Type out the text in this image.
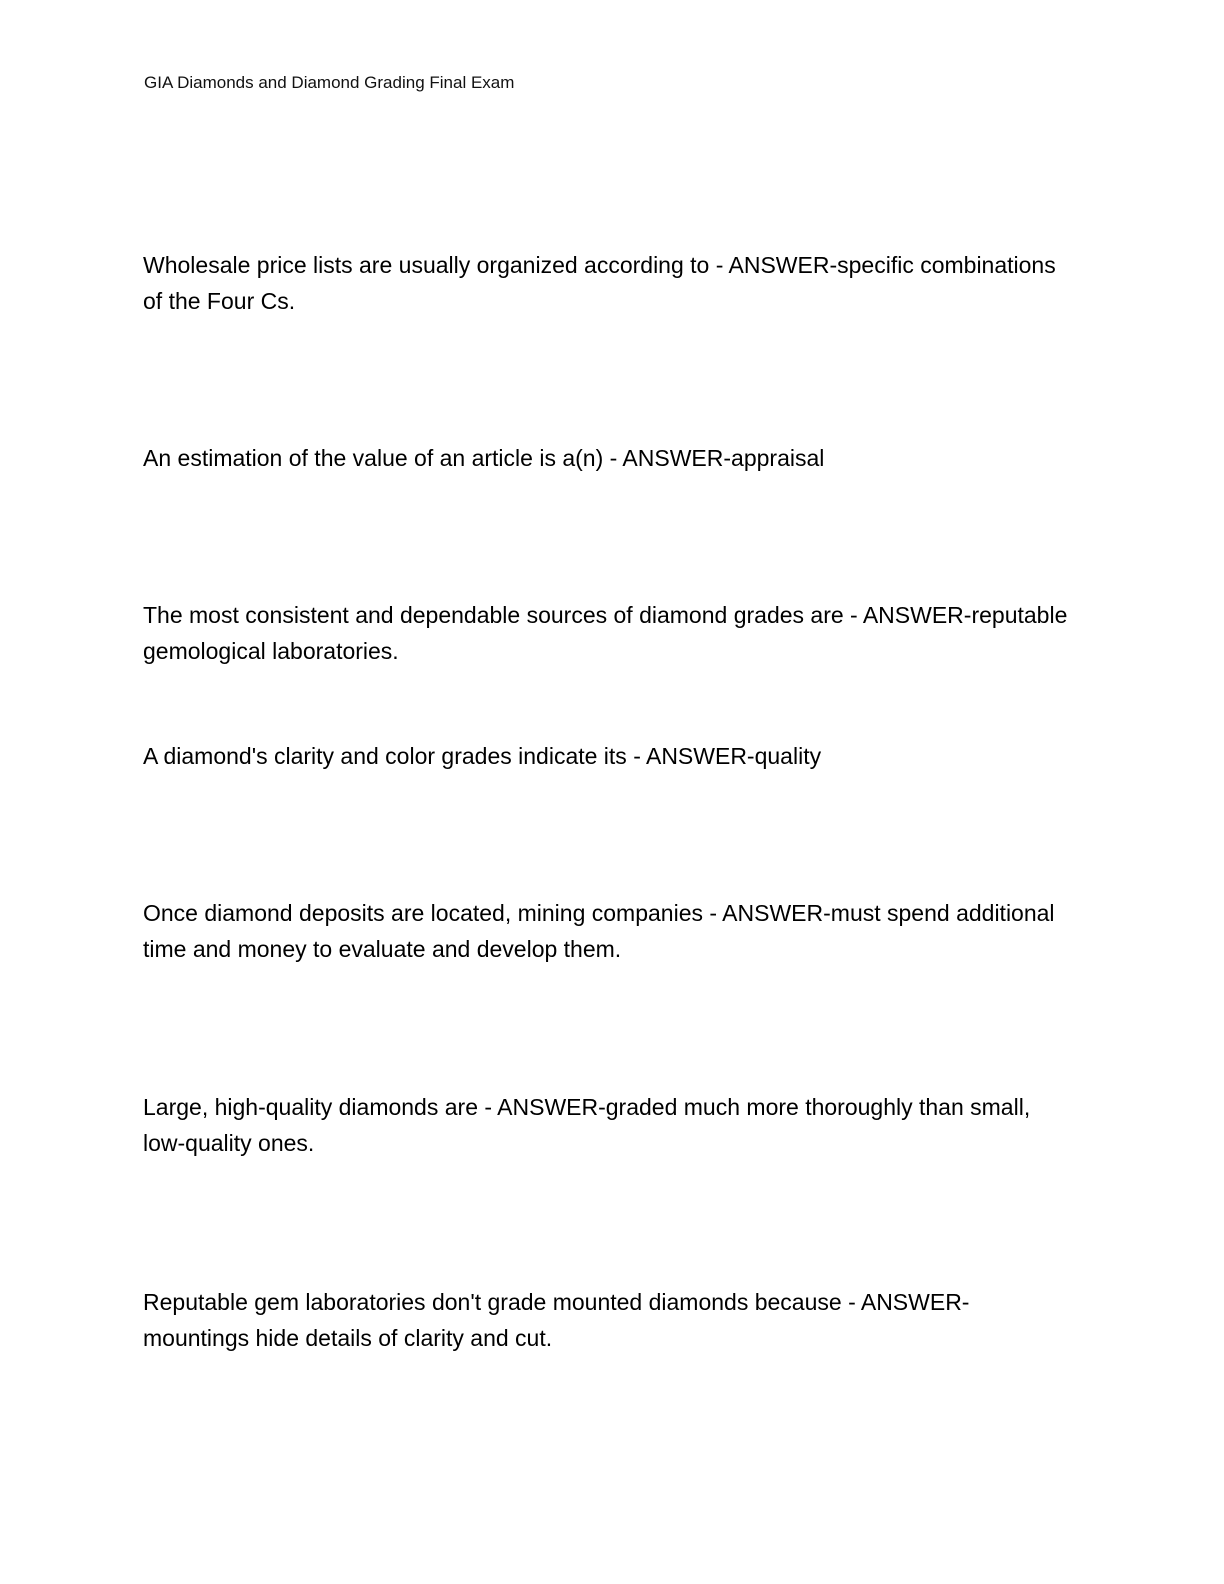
GIA Diamonds and Diamond Grading Final Exam

Wholesale price lists are usually organized according to - ANSWER-specific combinations of the Four Cs.

An estimation of the value of an article is a(n) - ANSWER-appraisal

The most consistent and dependable sources of diamond grades are - ANSWER-reputable gemological laboratories.

A diamond's clarity and color grades indicate its - ANSWER-quality

Once diamond deposits are located, mining companies - ANSWER-must spend additional time and money to evaluate and develop them.

Large, high-quality diamonds are - ANSWER-graded much more thoroughly than small, low-quality ones.

Reputable gem laboratories don't grade mounted diamonds because - ANSWER-mountings hide details of clarity and cut.
